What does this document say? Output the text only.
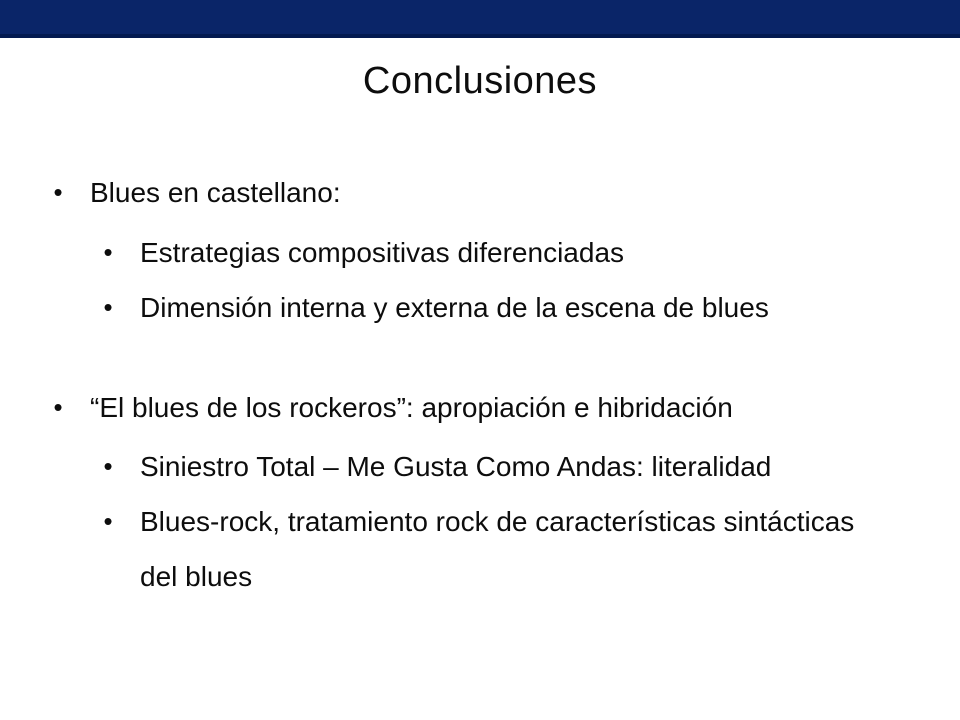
Conclusiones
• Blues en castellano:
• Estrategias compositivas diferenciadas
• Dimensión interna y externa de la escena de blues
• “El blues de los rockeros”: apropiación e hibridación
• Siniestro Total – Me Gusta Como Andas: literalidad
• Blues-rock, tratamiento rock de características sintácticas
del blues
